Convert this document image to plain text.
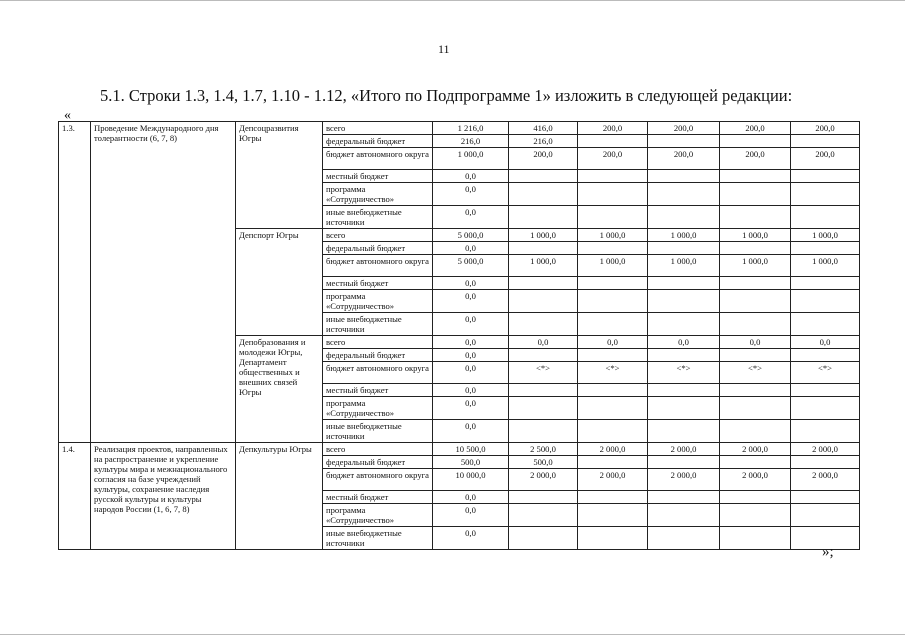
11
5.1. Строки 1.3, 1.4, 1.7, 1.10 - 1.12, «Итого по Подпрограмме 1» изложить в следующей редакции:
«
1.3.	Проведение Международного дня толерантности (6, 7, 8)	Депсоцразвития Югры	всего	1 216,0	416,0	200,0	200,0	200,0	200,0
			федеральный бюджет	216,0	216,0				
			бюджет автономного округа	1 000,0	200,0	200,0	200,0	200,0	200,0
			местный бюджет	0,0					
			программа «Сотрудничество»	0,0					
			иные внебюджетные источники	0,0					
		Депспорт Югры	всего	5 000,0	1 000,0	1 000,0	1 000,0	1 000,0	1 000,0
			федеральный бюджет	0,0					
			бюджет автономного округа	5 000,0	1 000,0	1 000,0	1 000,0	1 000,0	1 000,0
			местный бюджет	0,0					
			программа «Сотрудничество»	0,0					
			иные внебюджетные источники	0,0					
		Депобразования и молодежи Югры, Департамент общественных и внешних связей Югры	всего	0,0	0,0	0,0	0,0	0,0	0,0
			федеральный бюджет	0,0					
			бюджет автономного округа	0,0	<*>	<*>	<*>	<*>	<*>
			местный бюджет	0,0					
			программа «Сотрудничество»	0,0					
			иные внебюджетные источники	0,0					
1.4.	Реализация проектов, направленных на распространение и укрепление культуры мира и межнационального согласия на базе учреждений культуры, сохранение наследия русской культуры и культуры народов России (1, 6, 7, 8)	Депкультуры Югры	всего	10 500,0	2 500,0	2 000,0	2 000,0	2 000,0	2 000,0
			федеральный бюджет	500,0	500,0				
			бюджет автономного округа	10 000,0	2 000,0	2 000,0	2 000,0	2 000,0	2 000,0
			местный бюджет	0,0					
			программа «Сотрудничество»	0,0					
			иные внебюджетные источники	0,0					
»;
